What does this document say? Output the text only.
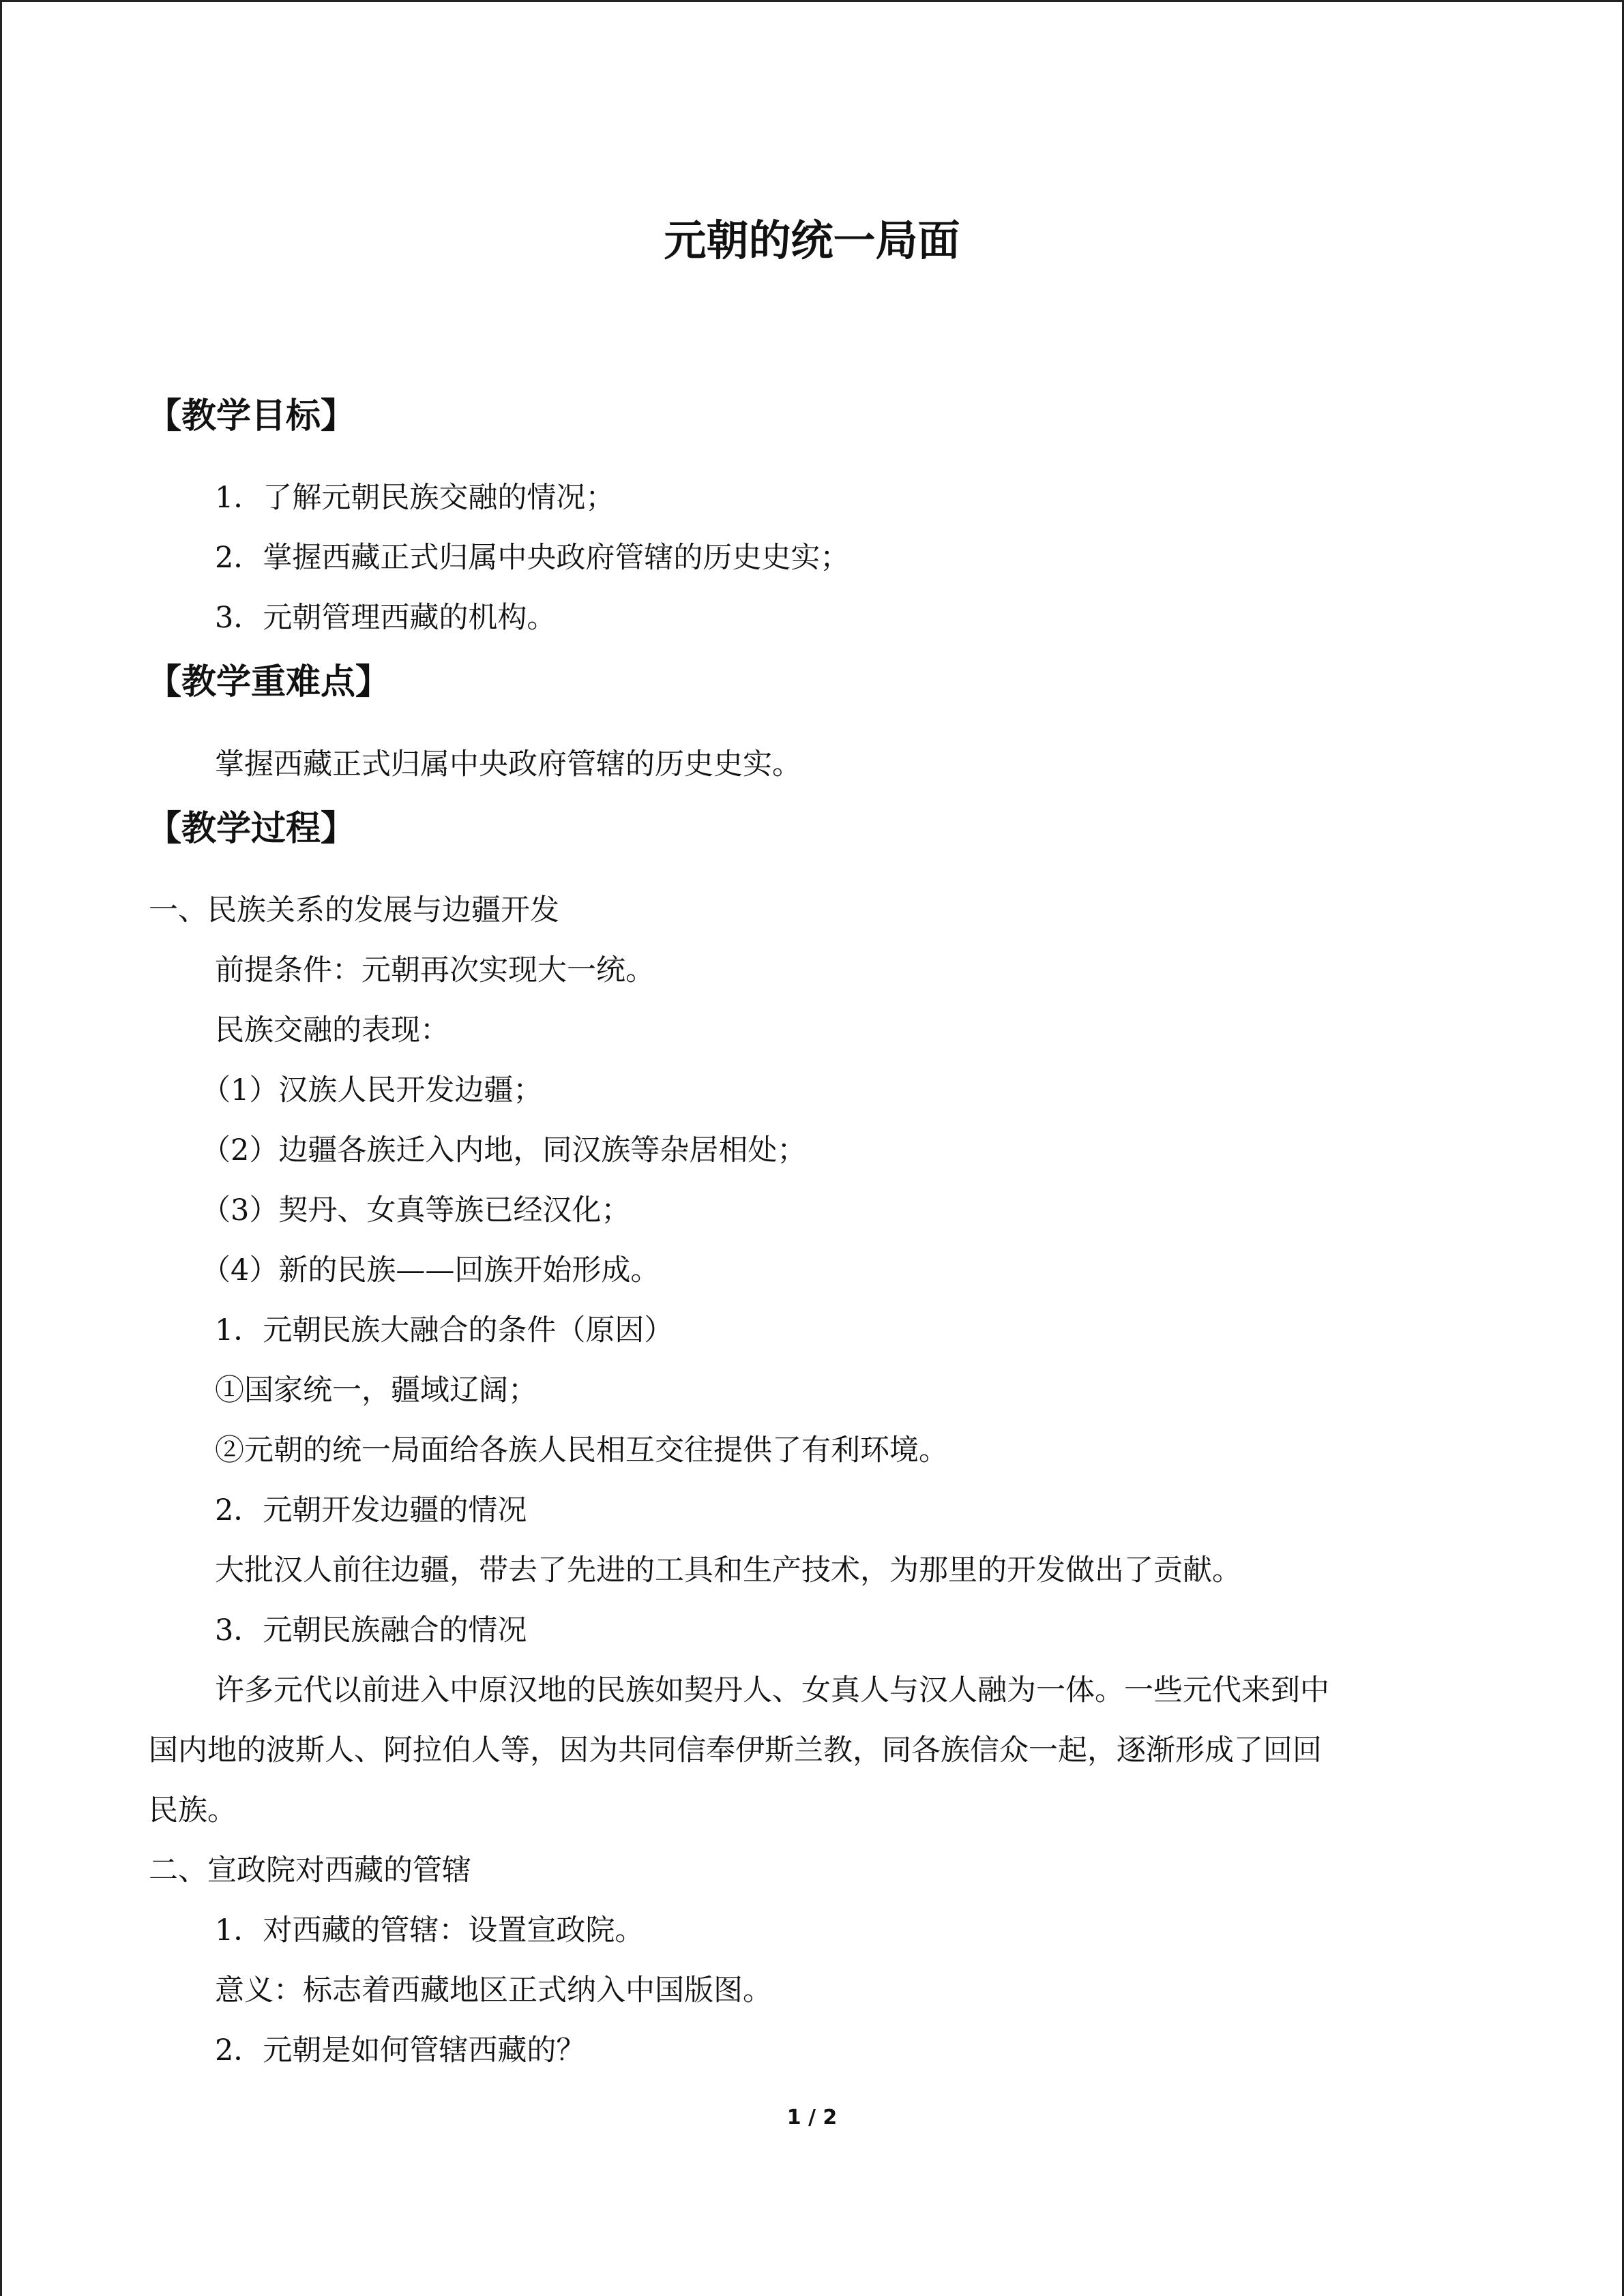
元朝的统一局面
【教学目标】

1．了解元朝民族交融的情况；

2．掌握西藏正式归属中央政府管辖的历史史实；

3．元朝管理西藏的机构。

【教学重难点】

掌握西藏正式归属中央政府管辖的历史史实。

【教学过程】

一、民族关系的发展与边疆开发

前提条件：元朝再次实现大一统。

民族交融的表现：

（1）汉族人民开发边疆；

（2）边疆各族迁入内地，同汉族等杂居相处；

（3）契丹、女真等族已经汉化；

（4）新的民族——回族开始形成。

1．元朝民族大融合的条件（原因）

①国家统一，疆域辽阔；

②元朝的统一局面给各族人民相互交往提供了有利环境。

2．元朝开发边疆的情况

大批汉人前往边疆，带去了先进的工具和生产技术，为那里的开发做出了贡献。

3．元朝民族融合的情况

许多元代以前进入中原汉地的民族如契丹人、女真人与汉人融为一体。一些元代来到中

国内地的波斯人、阿拉伯人等，因为共同信奉伊斯兰教，同各族信众一起，逐渐形成了回回

民族。

二、宣政院对西藏的管辖

1．对西藏的管辖：设置宣政院。

意义：标志着西藏地区正式纳入中国版图。

2．元朝是如何管辖西藏的？

1 / 2
